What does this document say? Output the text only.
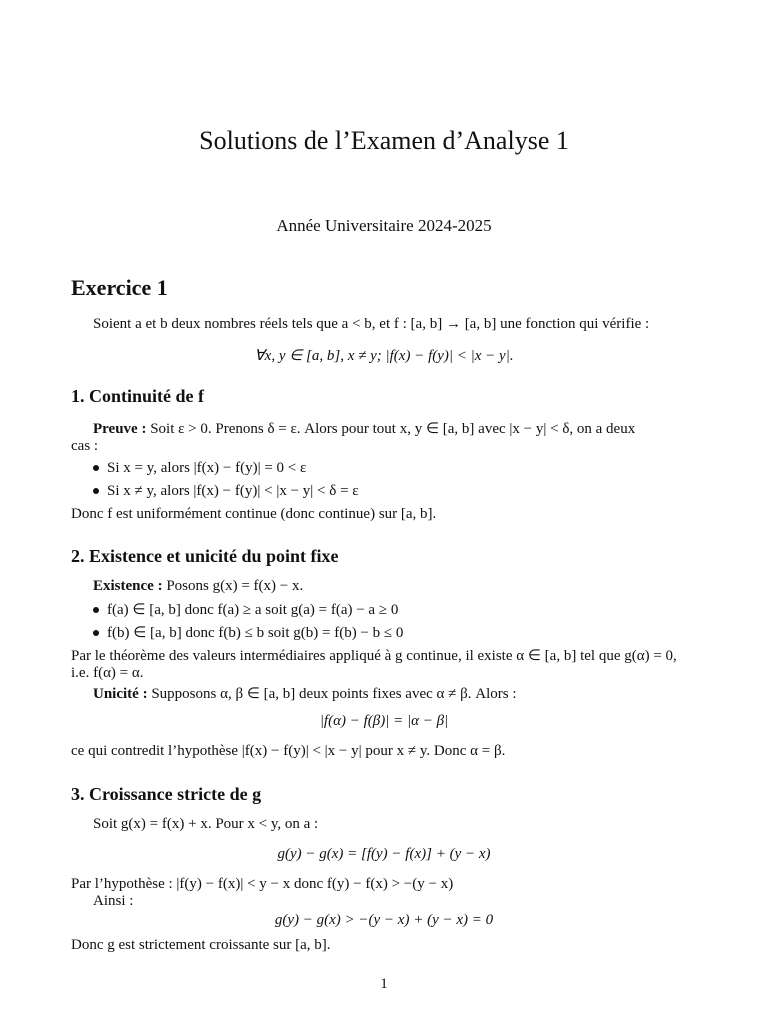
Solutions de l’Examen d’Analyse 1
Année Universitaire 2024-2025
Exercice 1
Soient a et b deux nombres réels tels que a < b, et f : [a, b] → [a, b] une fonction qui vérifie :
∀x, y ∈ [a, b], x ≠ y; |f(x) − f(y)| < |x − y|.
1. Continuité de f
Preuve : Soit ε > 0. Prenons δ = ε. Alors pour tout x, y ∈ [a, b] avec |x − y| < δ, on a deux
cas :
Si x = y, alors |f(x) − f(y)| = 0 < ε
Si x ≠ y, alors |f(x) − f(y)| < |x − y| < δ = ε
Donc f est uniformément continue (donc continue) sur [a, b].
2. Existence et unicité du point fixe
Existence : Posons g(x) = f(x) − x.
f(a) ∈ [a, b] donc f(a) ≥ a soit g(a) = f(a) − a ≥ 0
f(b) ∈ [a, b] donc f(b) ≤ b soit g(b) = f(b) − b ≤ 0
Par le théorème des valeurs intermédiaires appliqué à g continue, il existe α ∈ [a, b] tel que g(α) = 0,
i.e. f(α) = α.
Unicité : Supposons α, β ∈ [a, b] deux points fixes avec α ≠ β. Alors :
|f(α) − f(β)| = |α − β|
ce qui contredit l’hypothèse |f(x) − f(y)| < |x − y| pour x ≠ y. Donc α = β.
3. Croissance stricte de g
Soit g(x) = f(x) + x. Pour x < y, on a :
g(y) − g(x) = [f(y) − f(x)] + (y − x)
Par l’hypothèse : |f(y) − f(x)| < y − x donc f(y) − f(x) > −(y − x)
Ainsi :
g(y) − g(x) > −(y − x) + (y − x) = 0
Donc g est strictement croissante sur [a, b].
1
